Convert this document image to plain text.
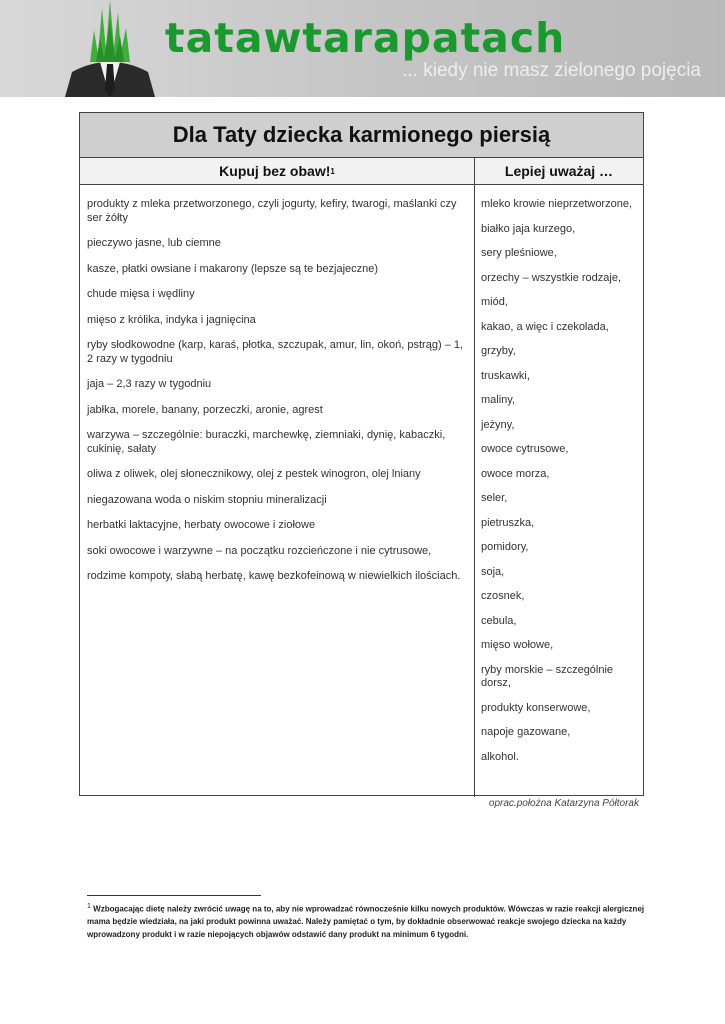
tatawtarapatach
... kiedy nie masz zielonego pojęcia
Dla Taty dziecka karmionego piersią
Kupuj bez obaw! 1	Lepiej uważaj …

produkty z mleka przetworzonego, czyli jogurty, kefiry, twarogi, maślanki czy ser żółty

pieczywo jasne, lub ciemne

kasze, płatki owsiane i makarony (lepsze są te bezjajeczne)

chude mięsa i wędliny

mięso z królika, indyka i jagnięcina

ryby słodkowodne (karp, karaś, płotka, szczupak, amur, lin, okoń, pstrąg) – 1, 2 razy w tygodniu

jaja – 2,3 razy w tygodniu

jabłka, morele, banany, porzeczki, aronie, agrest

warzywa – szczególnie: buraczki, marchewkę, ziemniaki, dynię, kabaczki, cukinię, sałaty

oliwa z oliwek, olej słonecznikowy, olej z pestek winogron, olej lniany

niegazowana woda o niskim stopniu mineralizacji

herbatki laktacyjne, herbaty owocowe i ziołowe

soki owocowe i warzywne – na początku rozcieńczone i nie cytrusowe,

rodzime kompoty, słabą herbatę, kawę bezkofeinową w niewielkich ilościach.

mleko krowie nieprzetworzone,

białko jaja kurzego,

sery pleśniowe,

orzechy – wszystkie rodzaje,

miód,

kakao, a więc i czekolada,

grzyby,

truskawki,

maliny,

jeżyny,

owoce cytrusowe,

owoce morza,

seler,

pietruszka,

pomidory,

soja,

czosnek,

cebula,

mięso wołowe,

ryby morskie – szczególnie dorsz,

produkty konserwowe,

napoje gazowane,

alkohol.

oprac.położna Katarzyna Półtorak
1 Wzbogacając dietę należy zwrócić uwagę na to, aby nie wprowadzać równocześnie kilku nowych produktów. Wówczas w razie reakcji alergicznej mama będzie wiedziała, na jaki produkt powinna uważać. Należy pamiętać o tym, by dokładnie obserwować reakcje swojego dziecka na każdy wprowadzony produkt i w razie niepojących objawów odstawić dany produkt na minimum 6 tygodni.
